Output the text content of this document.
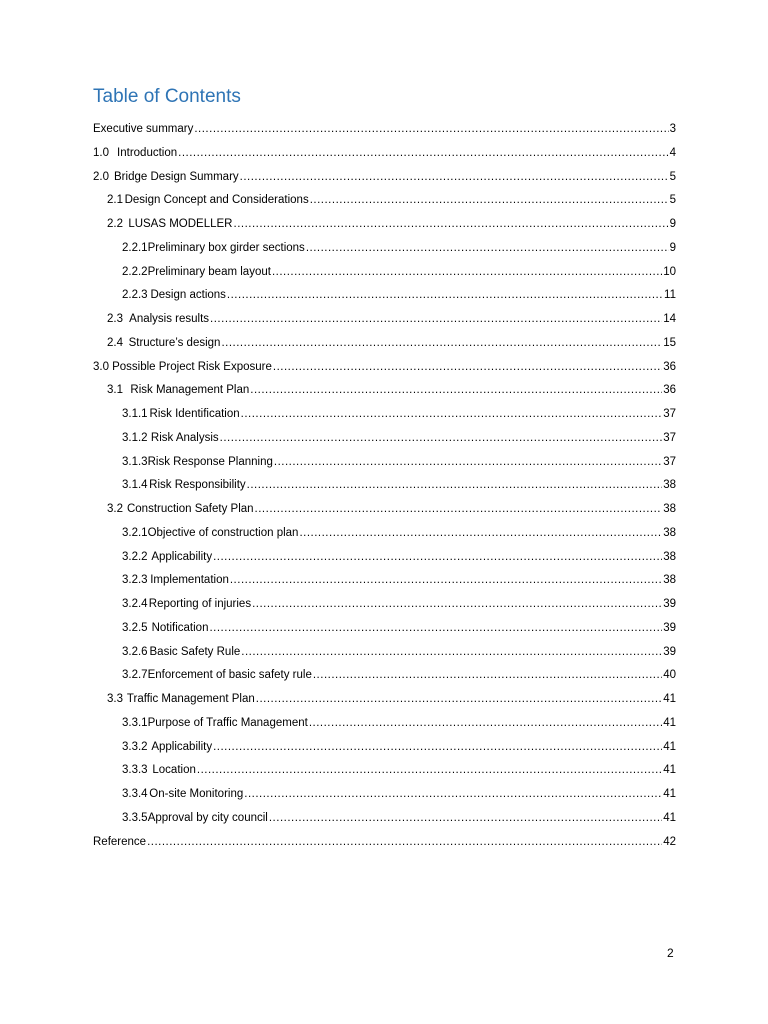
Table of Contents
Executive summary .....	3
1.0 Introduction .....	4
2.0 Bridge Design Summary .....	5
2.1 Design Concept and Considerations .....	5
2.2 LUSAS MODELLER .....	9
2.2.1 Preliminary box girder sections .....	9
2.2.2 Preliminary beam layout .....	10
2.2.3 Design actions .....	11
2.3 Analysis results .....	14
2.4 Structure’s design .....	15
3.0 Possible Project Risk Exposure .....	36
3.1 Risk Management Plan .....	36
3.1.1 Risk Identification .....	37
3.1.2 Risk Analysis .....	37
3.1.3 Risk Response Planning .....	37
3.1.4 Risk Responsibility .....	38
3.2 Construction Safety Plan .....	38
3.2.1 Objective of construction plan .....	38
3.2.2 Applicability .....	38
3.2.3 Implementation .....	38
3.2.4 Reporting of injuries .....	39
3.2.5 Notification .....	39
3.2.6 Basic Safety Rule .....	39
3.2.7 Enforcement of basic safety rule .....	40
3.3 Traffic Management Plan .....	41
3.3.1 Purpose of Traffic Management .....	41
3.3.2 Applicability .....	41
3.3.3 Location .....	41
3.3.4 On-site Monitoring .....	41
3.3.5 Approval by city council .....	41
Reference .....	42
2
